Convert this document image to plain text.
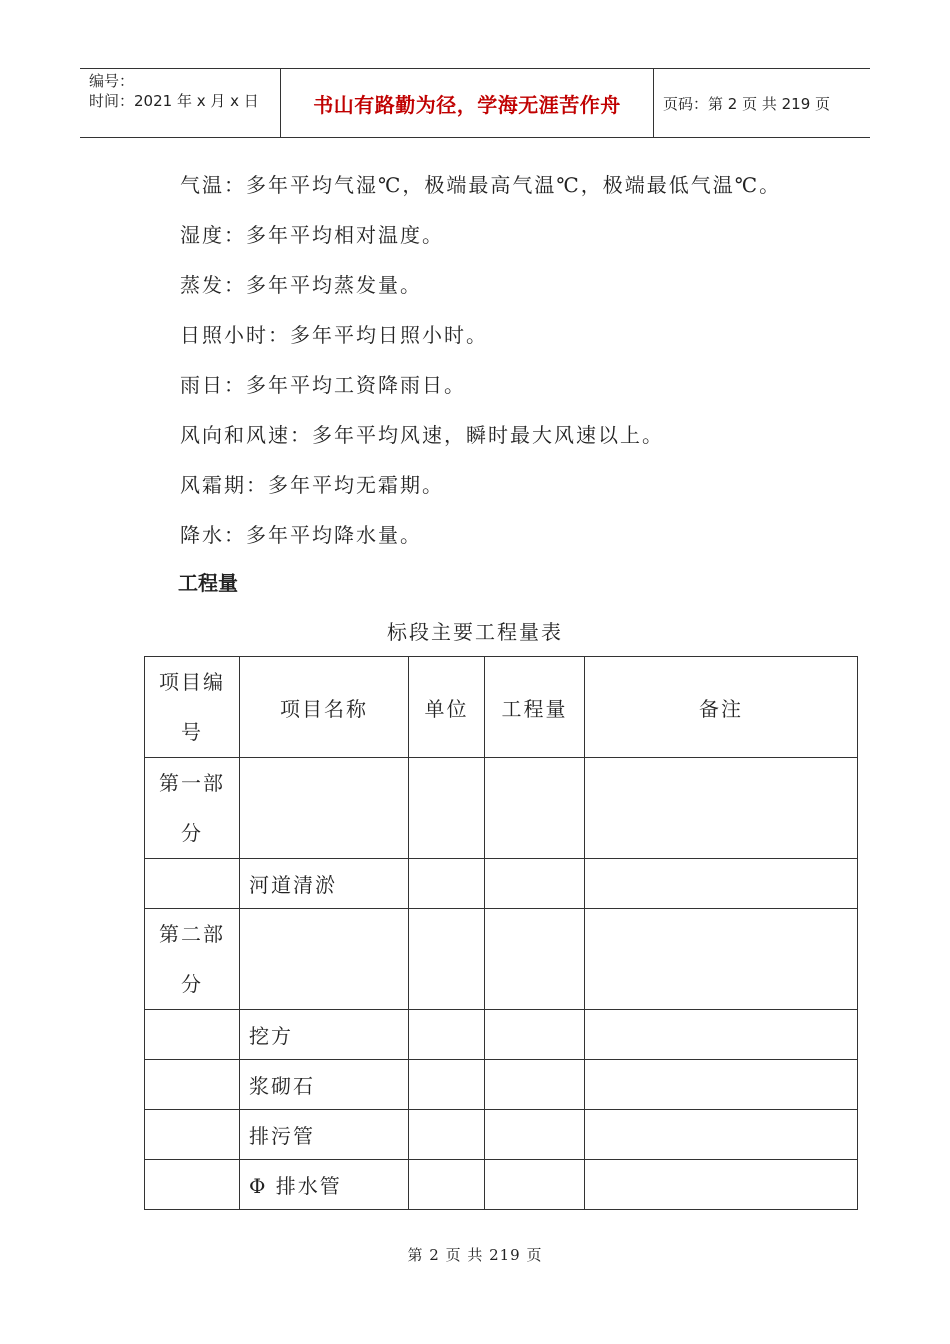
编号：
时间：2021 年 x 月 x 日	书山有路勤为径，学海无涯苦作舟	页码：第 2 页 共 219 页
气温：多年平均气湿℃，极端最高气温℃，极端最低气温℃。
湿度：多年平均相对温度。
蒸发：多年平均蒸发量。
日照小时：多年平均日照小时。
雨日：多年平均工资降雨日。
风向和风速：多年平均风速，瞬时最大风速以上。
风霜期：多年平均无霜期。
降水：多年平均降水量。
工程量
标段主要工程量表
项目编号	项目名称	单位	工程量	备注
第一部分				
	河道清淤			
第二部分				
	挖方			
	浆砌石			
	排污管			
	Φ 排水管			
第 2 页 共 219 页
